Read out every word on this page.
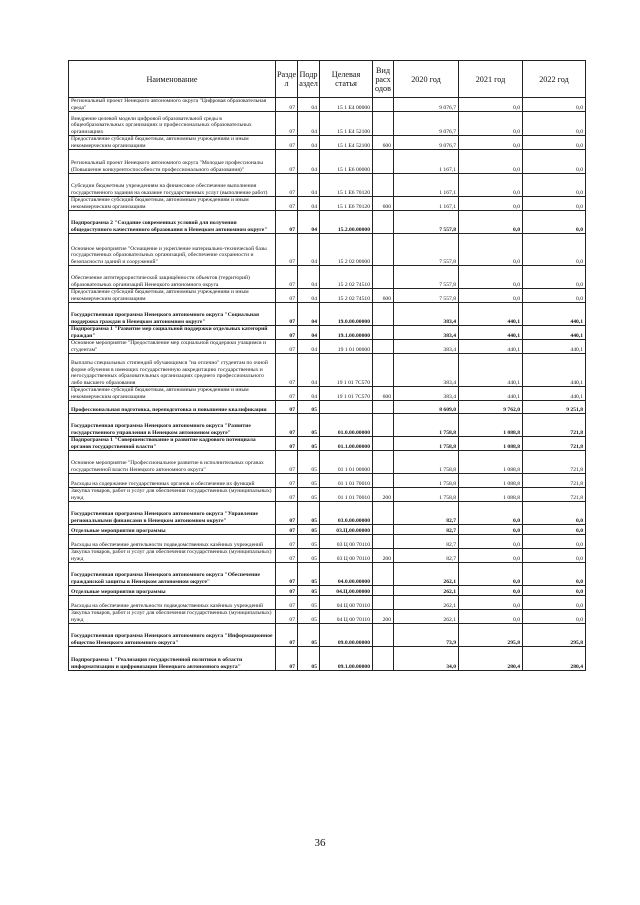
Наименование	Разде л	Подр аздел	Целевая статья	Вид расх одов	2020 год	2021 год	2022 год
Региональный проект Ненецкого автономного округа "Цифровая образовательная среда"	07	04	15 1 E4 00000		9 076,7	0,0	0,0
Внедрение целевой модели цифровой образовательной среды в общеобразовательных организациях и профессиональных образовательных организациях	07	04	15 1 E4 52100		9 076,7	0,0	0,0
Предоставление субсидий бюджетным, автономным учреждениям и иным некоммерческим организациям	07	04	15 1 E4 52100	600	9 076,7	0,0	0,0
Региональный проект Ненецкого автономного округа "Молодые профессионалы (Повышение конкурентоспособности профессионального образования)"	07	04	15 1 E6 00000		1 167,1	0,0	0,0
Субсидии бюджетным учреждениям на финансовое обеспечение выполнения государственного задания на оказание государственных услуг (выполнение работ)	07	04	15 1 E6 70120		1 167,1	0,0	0,0
Предоставление субсидий бюджетным, автономным учреждениям и иным некоммерческим организациям	07	04	15 1 E6 70120	600	1 167,1	0,0	0,0
Подпрограмма 2 "Создание современных условий для получения общедоступного качественного образования в Ненецком автономном округе"	07	04	15.2.00.00000		7 557,8	0,0	0,0
Основное мероприятие "Оснащение и укрепление материально-технической базы государственных образовательных организаций, обеспечение сохранности и безопасности зданий и сооружений"	07	04	15 2 02 00000		7 557,8	0,0	0,0
Обеспечение антитеррористической защищённости объектов (территорий) образовательных организаций Ненецкого автономного округа	07	04	15 2 02 74510		7 557,8	0,0	0,0
Предоставление субсидий бюджетным, автономным учреждениям и иным некоммерческим организациям	07	04	15 2 02 74510	600	7 557,8	0,0	0,0
Государственная программа Ненецкого автономного округа "Социальная поддержка граждан в Ненецком автономном округе"	07	04	19.0.00.00000		383,4	440,1	440,1
Подпрограмма 1 "Развитие мер социальной поддержки отдельных категорий граждан"	07	04	19.1.00.00000		383,4	440,1	440,1
Основное мероприятие "Предоставление мер социальной поддержки учащимся и студентам"	07	04	19 1 01 00000		383,4	440,1	440,1
Выплаты специальных стипендий обучающимся "на отлично" студентам по очной форме обучения в имеющих государственную аккредитацию государственных и негосударственных образовательных организациях среднего профессионального либо высшего образования	07	04	19 1 01 7C570		383,4	440,1	440,1
Предоставление субсидий бюджетным, автономным учреждениям и иным некоммерческим организациям	07	04	19 1 01 7C570	600	383,4	440,1	440,1
Профессиональная подготовка, переподготовка и повышение квалификации	07	05			8 609,0	9 762,0	9 251,8
Государственная программа Ненецкого автономного округа "Развитие государственного управления в Ненецком автономном округе"	07	05	01.0.00.00000		1 758,8	1 088,8	721,8
Подпрограмма 1 "Совершенствование и развитие кадрового потенциала органов государственной власти"	07	05	01.1.00.00000		1 758,8	1 088,8	721,8
Основное мероприятие "Профессиональное развитие в исполнительных органах государственной власти Ненецкого автономного округа"	07	05	01 1 01 00000		1 758,8	1 088,8	721,8
Расходы на содержание государственных органов и обеспечение их функций	07	05	01 1 01 70010		1 758,8	1 088,8	721,8
Закупка товаров, работ и услуг для обеспечения государственных (муниципальных) нужд	07	05	01 1 01 70010	200	1 758,8	1 088,8	721,8
Государственная программа Ненецкого автономного округа "Управление региональными финансами в Ненецком автономном округе"	07	05	03.0.00.00000		82,7	0,0	0,0
Отдельные мероприятия программы	07	05	03.Ц.00.00000		82,7	0,0	0,0
Расходы на обеспечение деятельности подведомственных казённых учреждений	07	05	03 Ц 00 70110		82,7	0,0	0,0
Закупка товаров, работ и услуг для обеспечения государственных (муниципальных) нужд	07	05	03 Ц 00 70110	200	82,7	0,0	0,0
Государственная программа Ненецкого автономного округа "Обеспечение гражданской защиты в Ненецком автономном округе"	07	05	04.0.00.00000		262,1	0,0	0,0
Отдельные мероприятия программы	07	05	04.Ц.00.00000		262,1	0,0	0,0
Расходы на обеспечение деятельности подведомственных казённых учреждений	07	05	04 Ц 00 70110		262,1	0,0	0,0
Закупка товаров, работ и услуг для обеспечения государственных (муниципальных) нужд	07	05	04 Ц 00 70110	200	262,1	0,0	0,0
Государственная программа Ненецкого автономного округа "Информационное общество Ненецкого автономного округа"	07	05	09.0.00.00000		73,9	295,8	295,8
Подпрограмма 1 "Реализация государственной политики в области информатизации и цифровизации Ненецкого автономного округа"	07	05	09.1.00.00000		34,0	280,4	280,4
36
